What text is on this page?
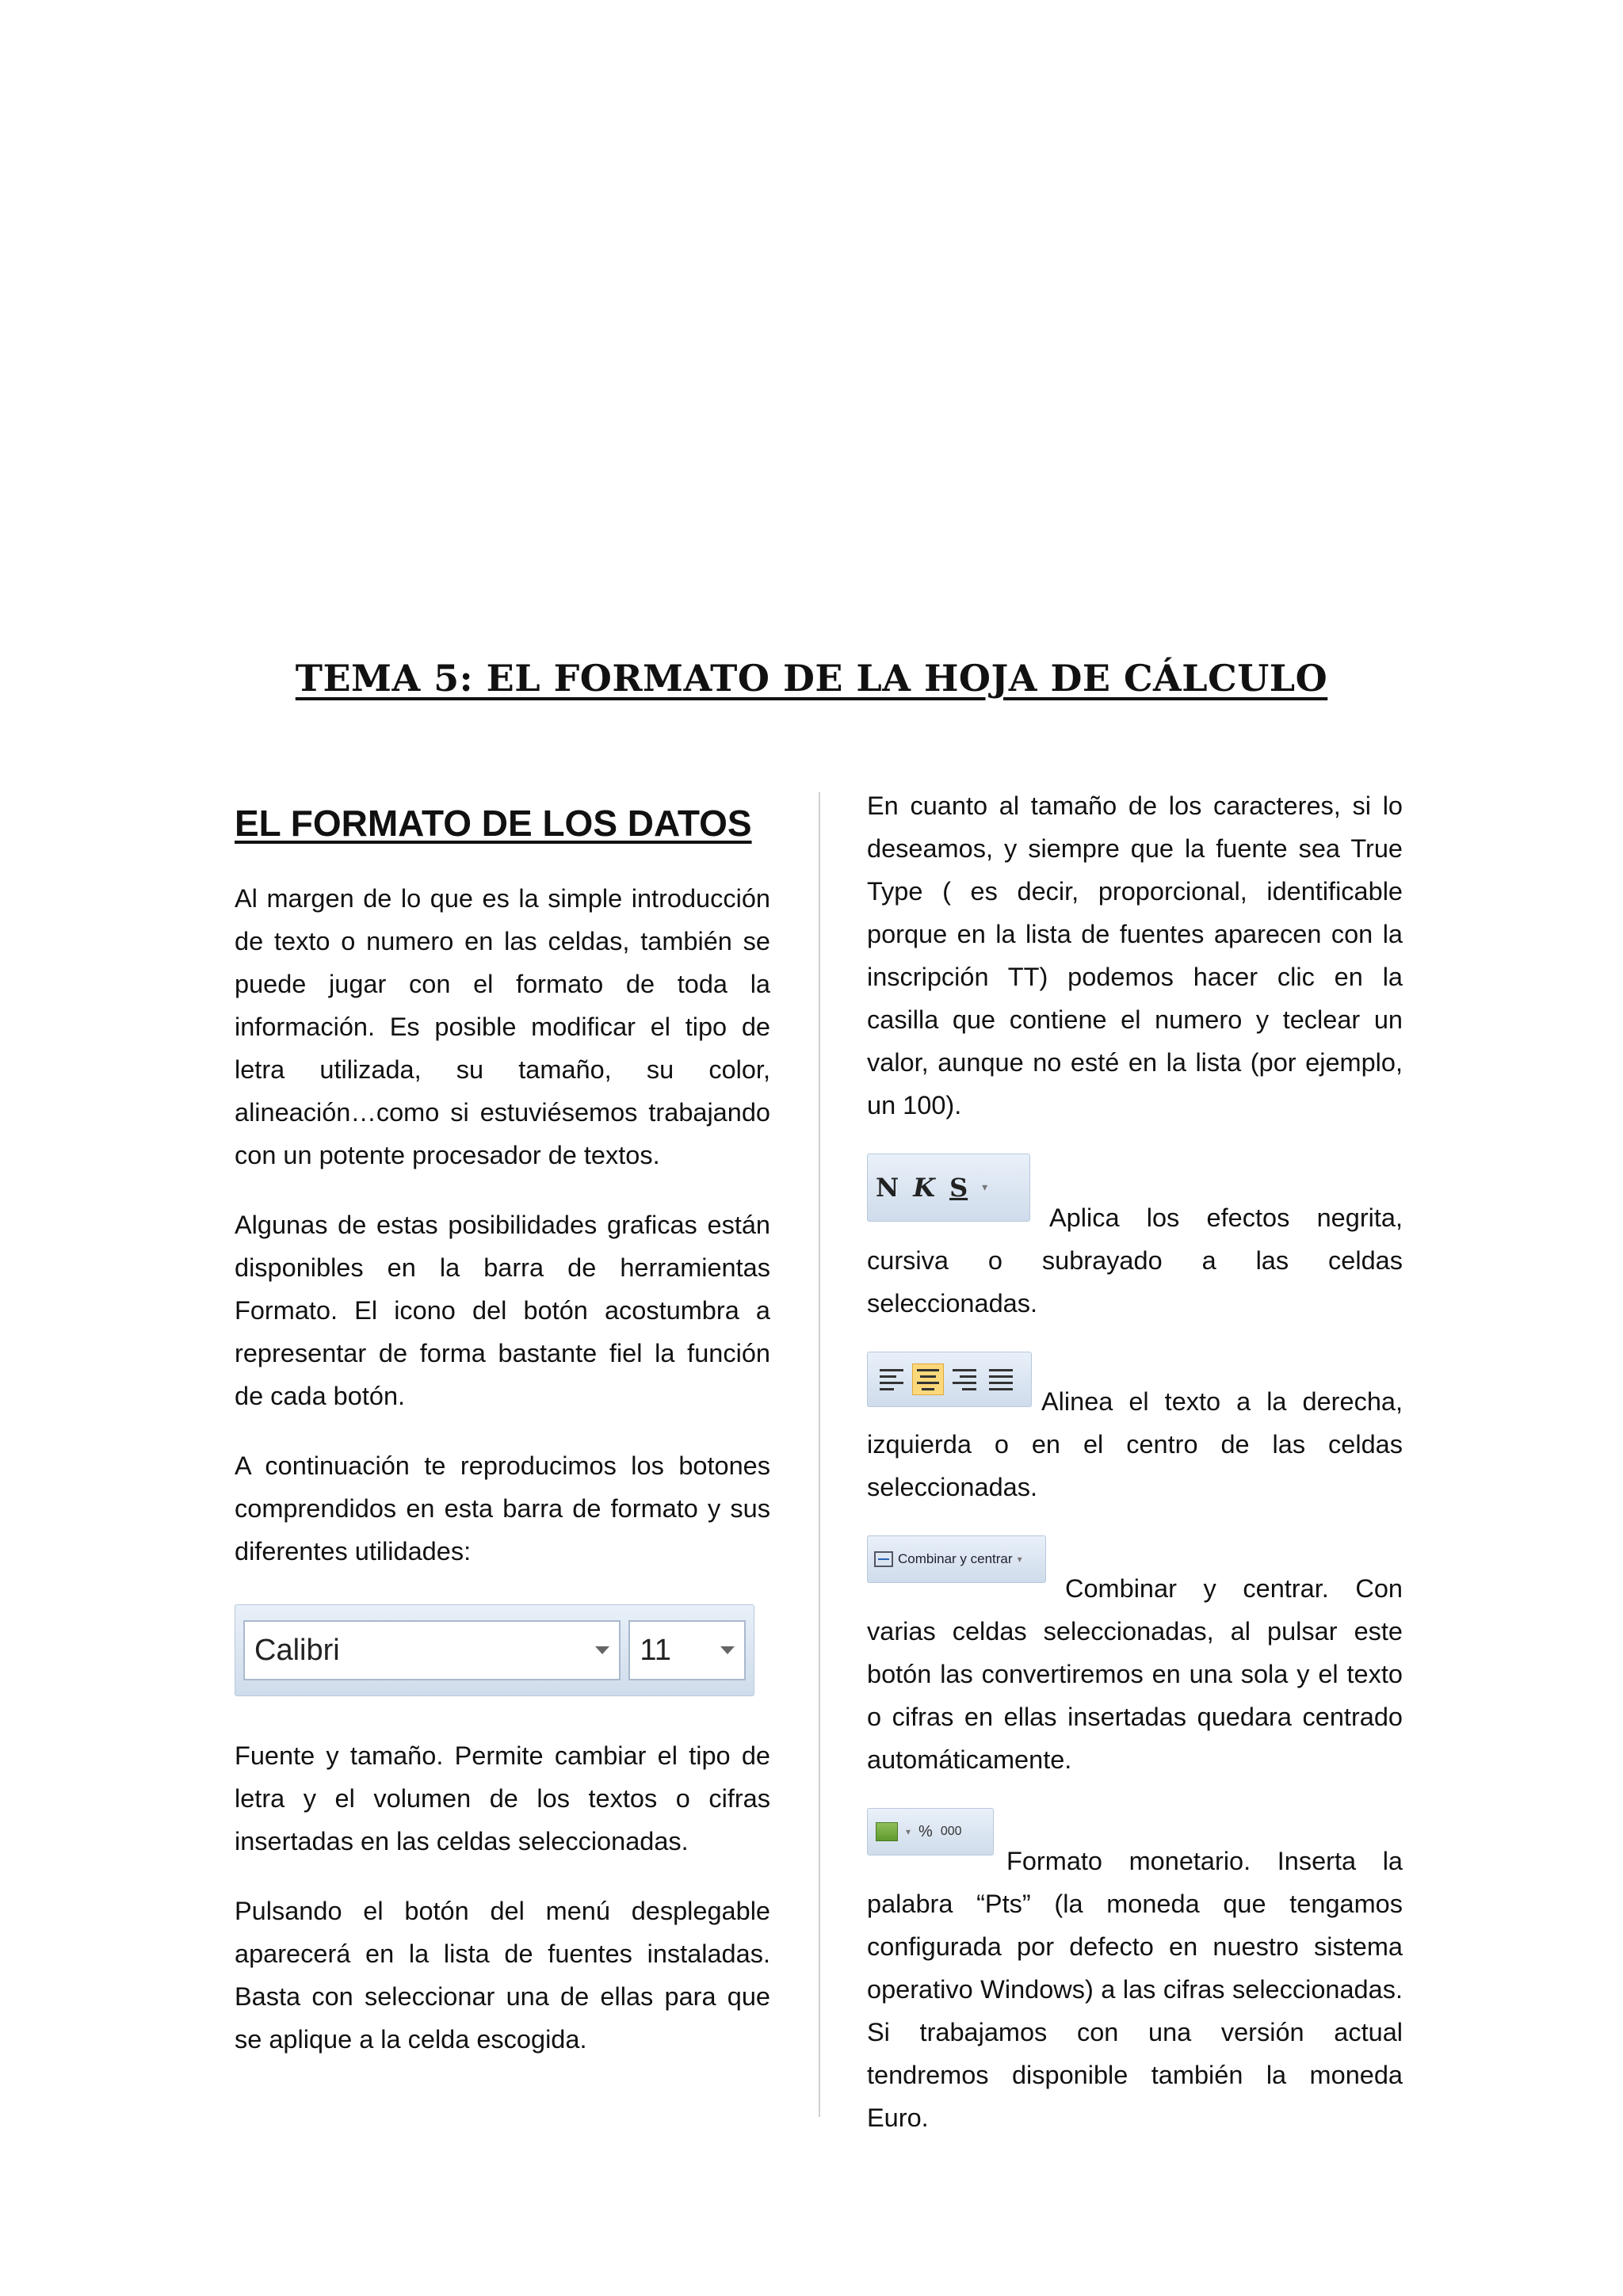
TEMA 5: EL FORMATO DE LA HOJA DE CÁLCULO
EL FORMATO DE LOS DATOS

Al margen de lo que es la simple introducción de texto o numero en las celdas, también se puede jugar con el formato de toda la información. Es posible modificar el tipo de letra utilizada, su tamaño, su color, alineación…como si estuviésemos trabajando con un potente procesador de textos.

Algunas de estas posibilidades graficas están disponibles en la barra de herramientas Formato. El icono del botón acostumbra a representar de forma bastante fiel la función de cada botón.

A continuación te reproducimos los botones comprendidos en esta barra de formato y sus diferentes utilidades:

Calibri	11

Fuente y tamaño. Permite cambiar el tipo de letra y el volumen de los textos o cifras insertadas en las celdas seleccionadas.

Pulsando el botón del menú desplegable aparecerá en la lista de fuentes instaladas. Basta con seleccionar una de ellas para que se aplique a la celda escogida.

En cuanto al tamaño de los caracteres, si lo deseamos, y siempre que la fuente sea True Type ( es decir, proporcional, identificable porque en la lista de fuentes aparecen con la inscripción TT) podemos hacer clic en la casilla que contiene el numero y teclear un valor, aunque no esté en la lista (por ejemplo, un 100).

N K S ▾

Aplica los efectos negrita, cursiva o subrayado a las celdas seleccionadas.

Alinea el texto a la derecha, izquierda o en el centro de las celdas seleccionadas.

Combinar y centrar ▾

Combinar y centrar. Con varias celdas seleccionadas, al pulsar este botón las convertiremos en una sola y el texto o cifras en ellas insertadas quedara centrado automáticamente.

▾ % 000

Formato monetario. Inserta la palabra “Pts” (la moneda que tengamos configurada por defecto en nuestro sistema operativo Windows) a las cifras seleccionadas. Si trabajamos con una versión actual tendremos disponible también la moneda Euro.
